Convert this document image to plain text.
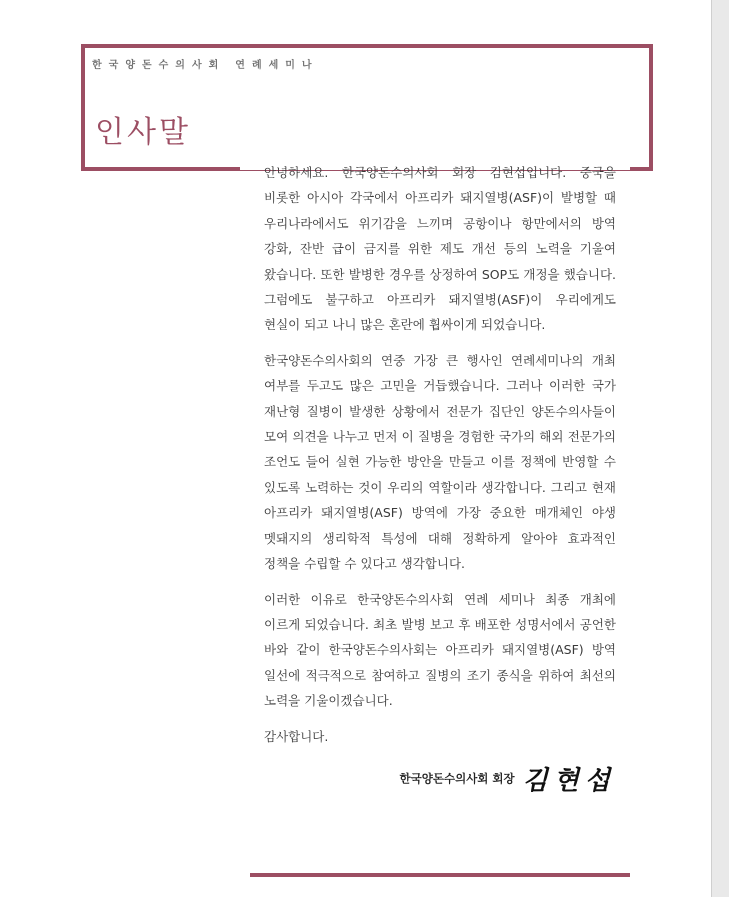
한국양돈수의사회 연례세미나
인사말

안녕하세요. 한국양돈수의사회 회장 김현섭입니다. 중국을 비롯한 아시아 각국에서 아프리카 돼지열병(ASF)이 발병할 때 우리나라에서도 위기감을 느끼며 공항이나 항만에서의 방역 강화, 잔반 급이 금지를 위한 제도 개선 등의 노력을 기울여 왔습니다. 또한 발병한 경우를 상정하여 SOP도 개정을 했습니다. 그럼에도 불구하고 아프리카 돼지열병(ASF)이 우리에게도 현실이 되고 나니 많은 혼란에 휩싸이게 되었습니다.

한국양돈수의사회의 연중 가장 큰 행사인 연례세미나의 개최 여부를 두고도 많은 고민을 거듭했습니다. 그러나 이러한 국가 재난형 질병이 발생한 상황에서 전문가 집단인 양돈수의사들이 모여 의견을 나누고 먼저 이 질병을 경험한 국가의 해외 전문가의 조언도 들어 실현 가능한 방안을 만들고 이를 정책에 반영할 수 있도록 노력하는 것이 우리의 역할이라 생각합니다. 그리고 현재 아프리카 돼지열병(ASF) 방역에 가장 중요한 매개체인 야생 멧돼지의 생리학적 특성에 대해 정확하게 알아야 효과적인 정책을 수립할 수 있다고 생각합니다.

이러한 이유로 한국양돈수의사회 연례 세미나 최종 개최에 이르게 되었습니다. 최초 발병 보고 후 배포한 성명서에서 공언한 바와 같이 한국양돈수의사회는 아프리카 돼지열병(ASF) 방역 일선에 적극적으로 참여하고 질병의 조기 종식을 위하여 최선의 노력을 기울이겠습니다.

감사합니다.

한국양돈수의사회 회장 김현섭
